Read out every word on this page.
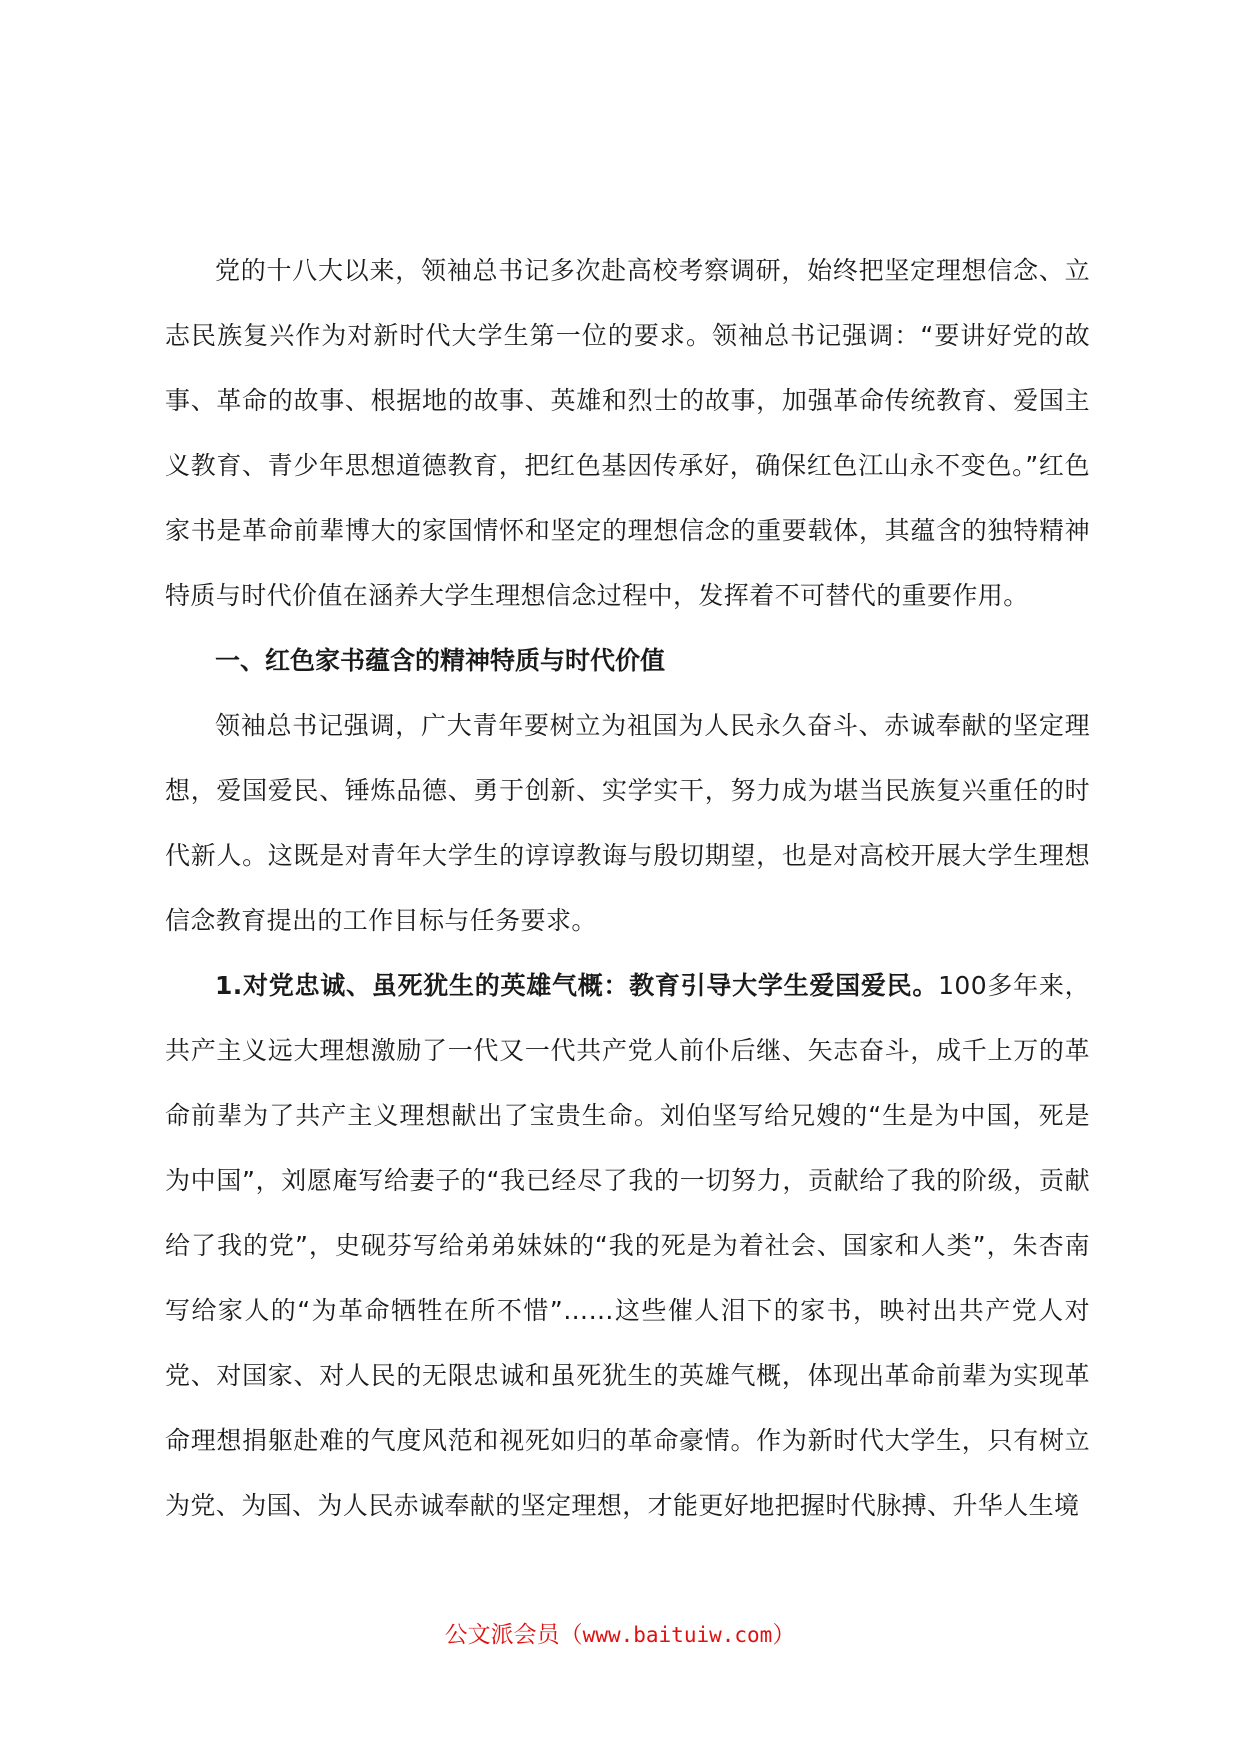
党的十八大以来，领袖总书记多次赴高校考察调研，始终把坚定理想信念、立志民族复兴作为对新时代大学生第一位的要求。领袖总书记强调：“要讲好党的故事、革命的故事、根据地的故事、英雄和烈士的故事，加强革命传统教育、爱国主义教育、青少年思想道德教育，把红色基因传承好，确保红色江山永不变色。”红色家书是革命前辈博大的家国情怀和坚定的理想信念的重要载体，其蕴含的独特精神特质与时代价值在涵养大学生理想信念过程中，发挥着不可替代的重要作用。

一、红色家书蕴含的精神特质与时代价值

领袖总书记强调，广大青年要树立为祖国为人民永久奋斗、赤诚奉献的坚定理想，爱国爱民、锤炼品德、勇于创新、实学实干，努力成为堪当民族复兴重任的时代新人。这既是对青年大学生的谆谆教诲与殷切期望，也是对高校开展大学生理想信念教育提出的工作目标与任务要求。

1.对党忠诚、虽死犹生的英雄气概：教育引导大学生爱国爱民。100多年来，共产主义远大理想激励了一代又一代共产党人前仆后继、矢志奋斗，成千上万的革命前辈为了共产主义理想献出了宝贵生命。刘伯坚写给兄嫂的“生是为中国，死是为中国”，刘愿庵写给妻子的“我已经尽了我的一切努力，贡献给了我的阶级，贡献给了我的党”，史砚芬写给弟弟妹妹的“我的死是为着社会、国家和人类”，朱杏南写给家人的“为革命牺牲在所不惜”……这些催人泪下的家书，映衬出共产党人对党、对国家、对人民的无限忠诚和虽死犹生的英雄气概，体现出革命前辈为实现革命理想捐躯赴难的气度风范和视死如归的革命豪情。作为新时代大学生，只有树立为党、为国、为人民赤诚奉献的坚定理想，才能更好地把握时代脉搏、升华人生境

公文派会员（www.baituiw.com）
